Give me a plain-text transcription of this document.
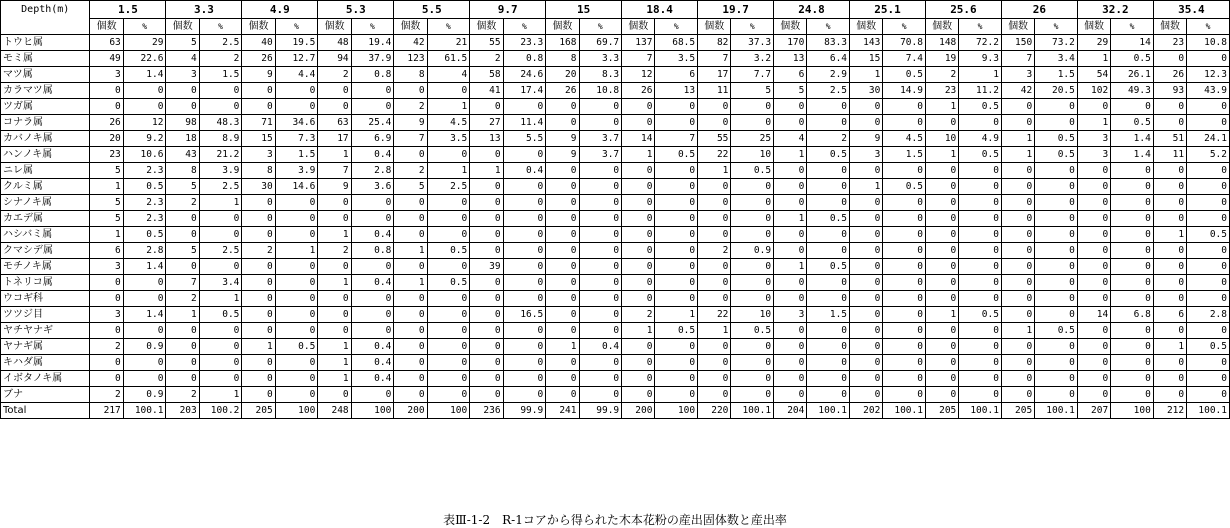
Depth(m)	1.5		3.3		4.9		5.3		5.5		9.7		15		18.4		19.7		24.8		25.1		25.6		26		32.2		35.4	
	個数	%	個数	%	個数	%	個数	%	個数	%	個数	%	個数	%	個数	%	個数	%	個数	%	個数	%	個数	%	個数	%	個数	%	個数	%
トウヒ属	63	29	5	2.5	40	19.5	48	19.4	42	21	55	23.3	168	69.7	137	68.5	82	37.3	170	83.3	143	70.8	148	72.2	150	73.2	29	14	23	10.8
モミ属	49	22.6	4	2	26	12.7	94	37.9	123	61.5	2	0.8	8	3.3	7	3.5	7	3.2	13	6.4	15	7.4	19	9.3	7	3.4	1	0.5	0	0
マツ属	3	1.4	3	1.5	9	4.4	2	0.8	8	4	58	24.6	20	8.3	12	6	17	7.7	6	2.9	1	0.5	2	1	3	1.5	54	26.1	26	12.3
カラマツ属	0	0	0	0	0	0	0	0	0	0	41	17.4	26	10.8	26	13	11	5	5	2.5	30	14.9	23	11.2	42	20.5	102	49.3	93	43.9
ツガ属	0	0	0	0	0	0	0	0	2	1	0	0	0	0	0	0	0	0	0	0	0	0	1	0.5	0	0	0	0	0	0
コナラ属	26	12	98	48.3	71	34.6	63	25.4	9	4.5	27	11.4	0	0	0	0	0	0	0	0	0	0	0	0	0	0	1	0.5	0	0
カバノキ属	20	9.2	18	8.9	15	7.3	17	6.9	7	3.5	13	5.5	9	3.7	14	7	55	25	4	2	9	4.5	10	4.9	1	0.5	3	1.4	51	24.1
ハンノキ属	23	10.6	43	21.2	3	1.5	1	0.4	0	0	0	0	9	3.7	1	0.5	22	10	1	0.5	3	1.5	1	0.5	1	0.5	3	1.4	11	5.2
ニレ属	5	2.3	8	3.9	8	3.9	7	2.8	2	1	1	0.4	0	0	0	0	1	0.5	0	0	0	0	0	0	0	0	0	0	0	0
クルミ属	1	0.5	5	2.5	30	14.6	9	3.6	5	2.5	0	0	0	0	0	0	0	0	0	0	1	0.5	0	0	0	0	0	0	0	0
シナノキ属	5	2.3	2	1	0	0	0	0	0	0	0	0	0	0	0	0	0	0	0	0	0	0	0	0	0	0	0	0	0	0
カエデ属	5	2.3	0	0	0	0	0	0	0	0	0	0	0	0	0	0	0	0	1	0.5	0	0	0	0	0	0	0	0	0	0
ハシバミ属	1	0.5	0	0	0	0	1	0.4	0	0	0	0	0	0	0	0	0	0	0	0	0	0	0	0	0	0	0	0	1	0.5
クマシデ属	6	2.8	5	2.5	2	1	2	0.8	1	0.5	0	0	0	0	0	0	2	0.9	0	0	0	0	0	0	0	0	0	0	0	0
モチノキ属	3	1.4	0	0	0	0	0	0	0	0	39	0	0	0	0	0	0	0	1	0.5	0	0	0	0	0	0	0	0	0	0
トネリコ属	0	0	7	3.4	0	0	1	0.4	1	0.5	0	0	0	0	0	0	0	0	0	0	0	0	0	0	0	0	0	0	0	0
ウコギ科	0	0	2	1	0	0	0	0	0	0	0	0	0	0	0	0	0	0	0	0	0	0	0	0	0	0	0	0	0	0
ツツジ目	3	1.4	1	0.5	0	0	0	0	0	0	0	16.5	0	0	2	1	22	10	3	1.5	0	0	1	0.5	0	0	14	6.8	6	2.8
ヤチヤナギ	0	0	0	0	0	0	0	0	0	0	0	0	0	0	1	0.5	1	0.5	0	0	0	0	0	0	1	0.5	0	0	0	0
ヤナギ属	2	0.9	0	0	1	0.5	1	0.4	0	0	0	0	1	0.4	0	0	0	0	0	0	0	0	0	0	0	0	0	0	1	0.5
キハダ属	0	0	0	0	0	0	1	0.4	0	0	0	0	0	0	0	0	0	0	0	0	0	0	0	0	0	0	0	0	0	0
イボタノキ属	0	0	0	0	0	0	1	0.4	0	0	0	0	0	0	0	0	0	0	0	0	0	0	0	0	0	0	0	0	0	0
ブナ	2	0.9	2	1	0	0	0	0	0	0	0	0	0	0	0	0	0	0	0	0	0	0	0	0	0	0	0	0	0	0
Total	217	100.1	203	100.2	205	100	248	100	200	100	236	99.9	241	99.9	200	100	220	100.1	204	100.1	202	100.1	205	100.1	205	100.1	207	100	212	100.1
表Ⅲ-1-2　R-1コアから得られた木本花粉の産出固体数と産出率
